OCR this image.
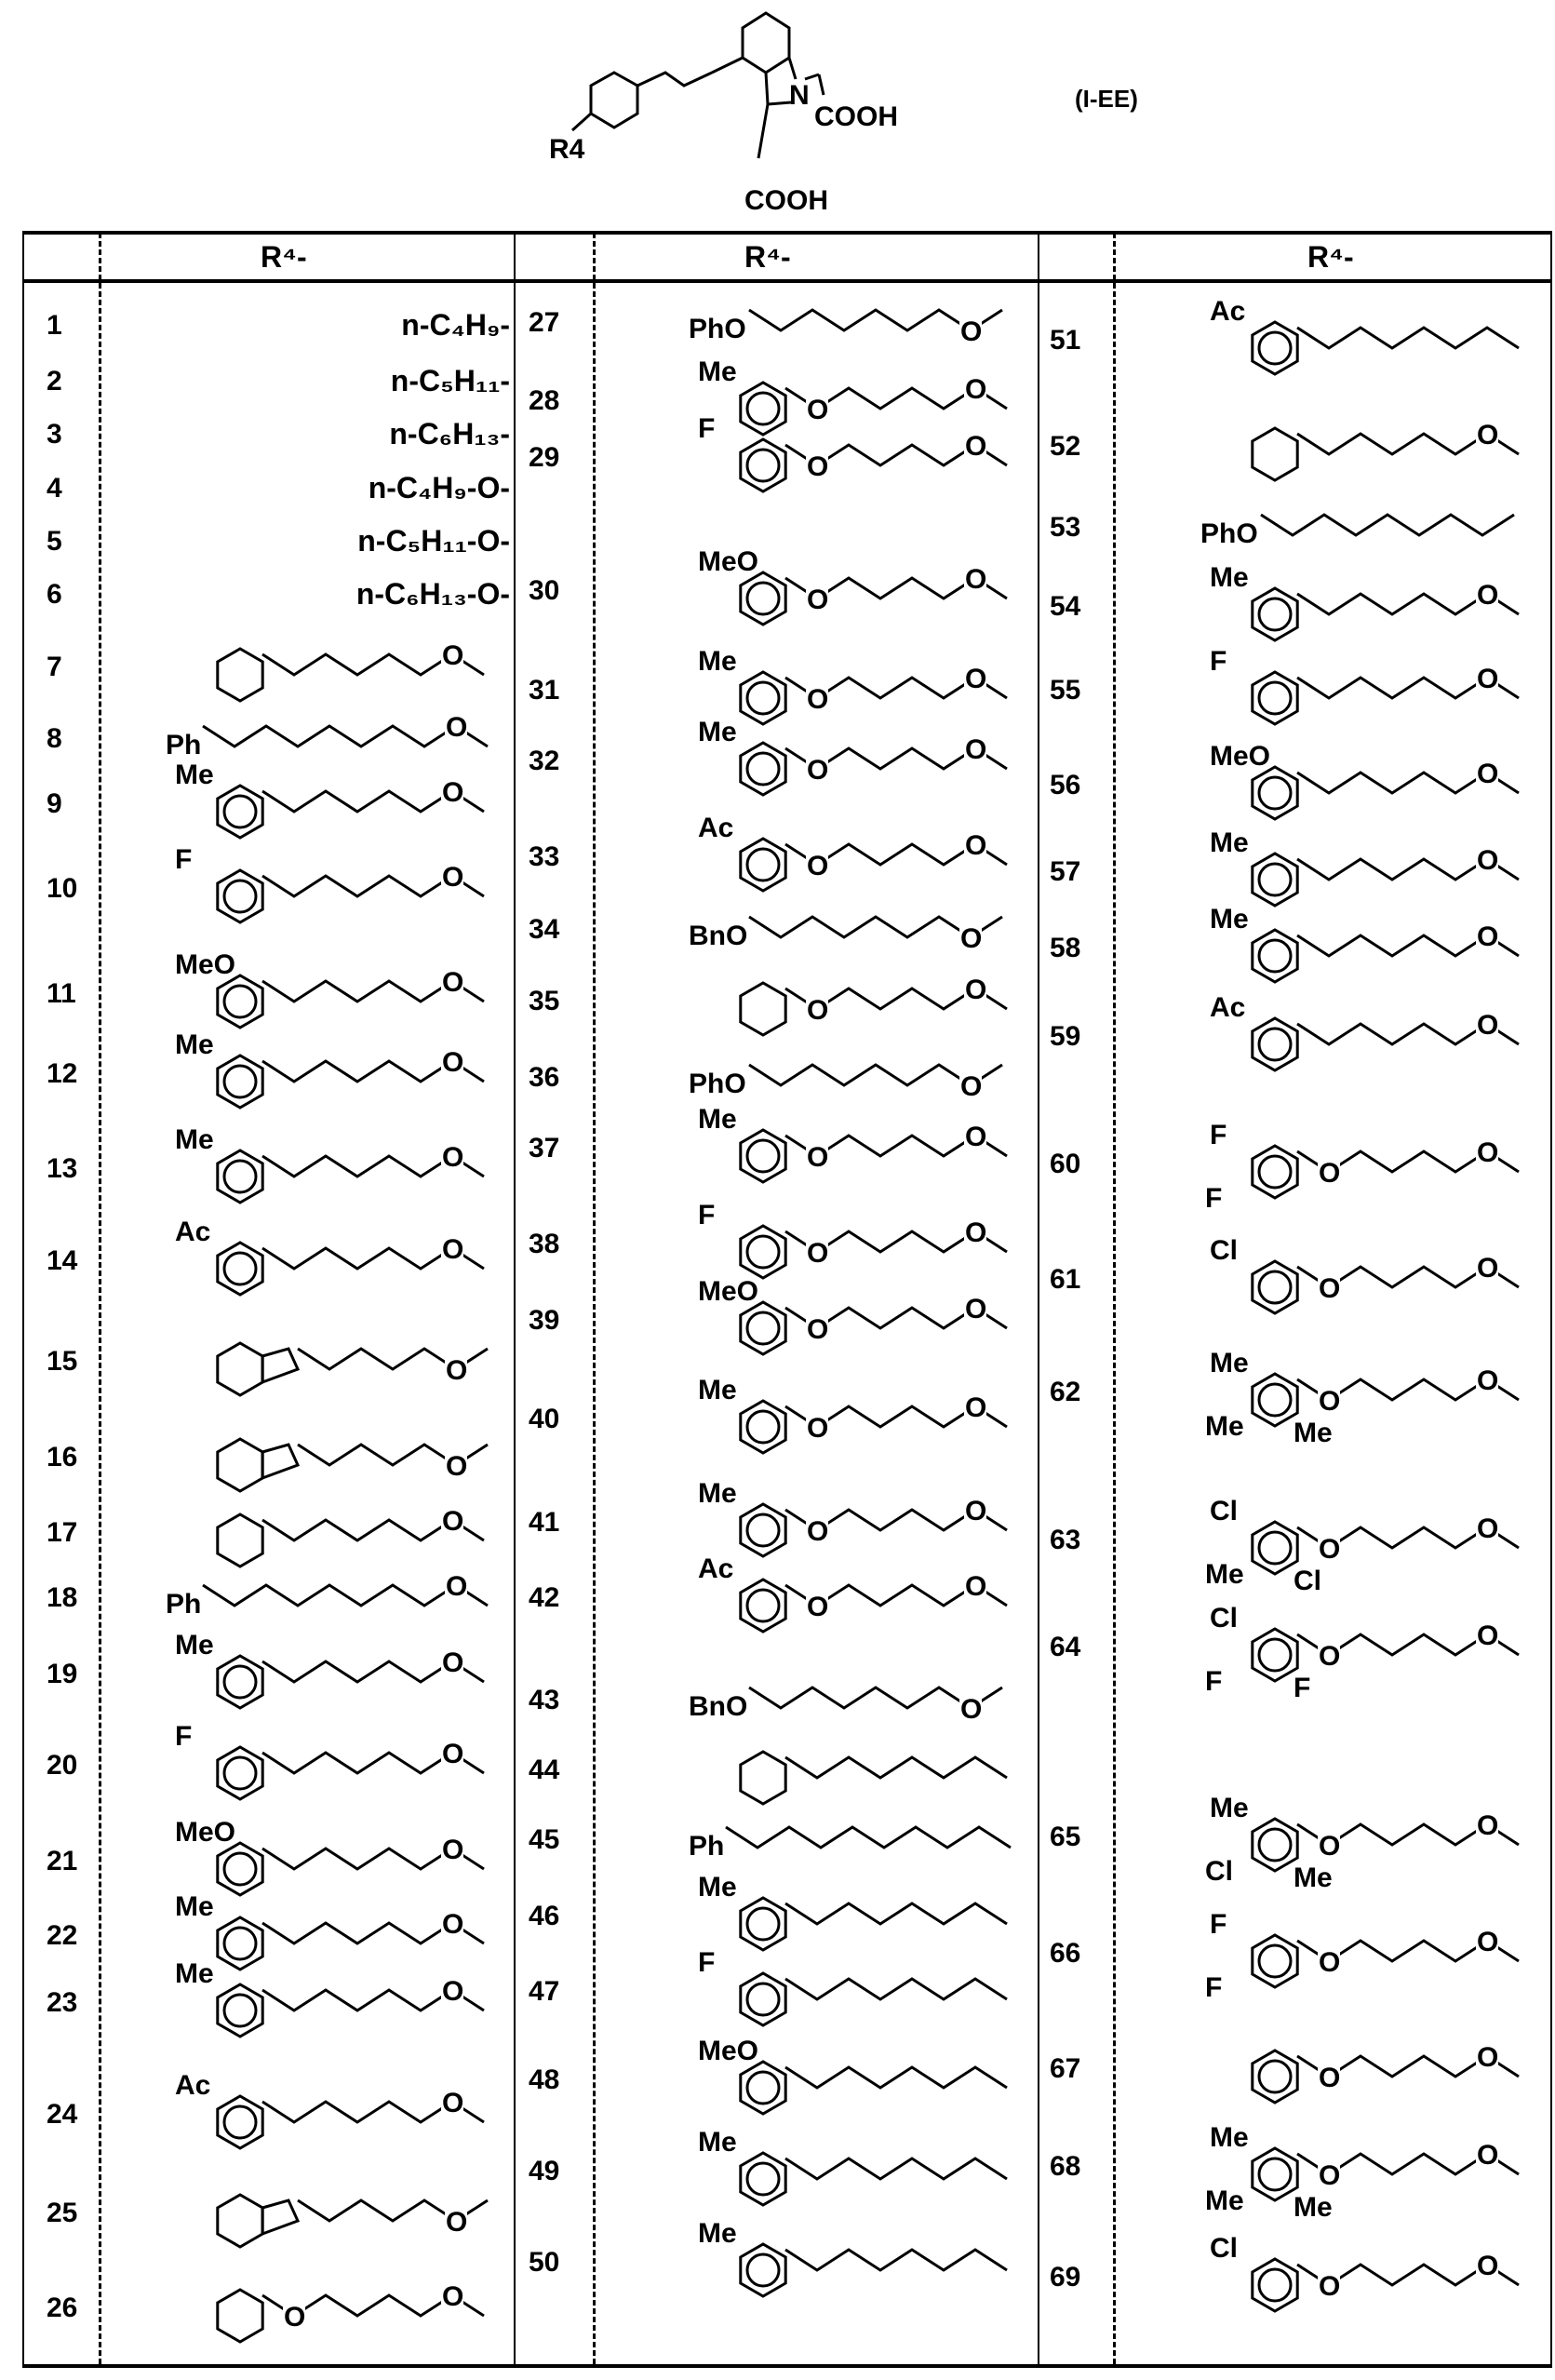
R4
N
COOH
COOH
(I-EE)
R⁴-	R⁴-	R⁴-
1	n-C₄H₉-
2	n-C₅H₁₁-
3	n-C₆H₁₃-
4	n-C₄H₉-O-
5	n-C₅H₁₁-O-
6	n-C₆H₁₃-O-
7	O
8	Ph
O
9
Me
O
10
F
O
11
MeO
O
12
Me
O
13
Me
O
14
Ac
O
15	O
16	O
17	O
18	Ph
O
19
Me
O
20
F
O
21
MeO
O
22
Me
O
23
Me
O
24
Ac
O
25	O
26	O
O
27	PhO	O
28
Me
O
O
29
F
O
O
30
MeO
O
O
31
Me
O
O
32
Me
O
O
33
Ac
O
O
34	BnO	O
35	O
O
36	PhO	O
37
Me
O
O
38
F
O
O
39
MeO
O
O
40
Me
O
O
41
Me
O
O
42
Ac
O
O
43	BnO	O
44
45	Ph
46
Me
47
F
48
MeO
49
Me
50
Me
51
Ac
52	O
53	PhO
54
Me
O
55
F
O
56
MeO
O
57
Me
O
58
Me
O
59
Ac
O
60
F
F
O
O
61
Cl
O
O
62
Me
Me Me
O
O
63
Cl
Me Cl
O
O
64
Cl
F	F
O
O
65
Me
Cl Me
O
O
66
F
F
O
O
67	O
O
68
Me
Me Me
O
O
69
Cl
O
O
